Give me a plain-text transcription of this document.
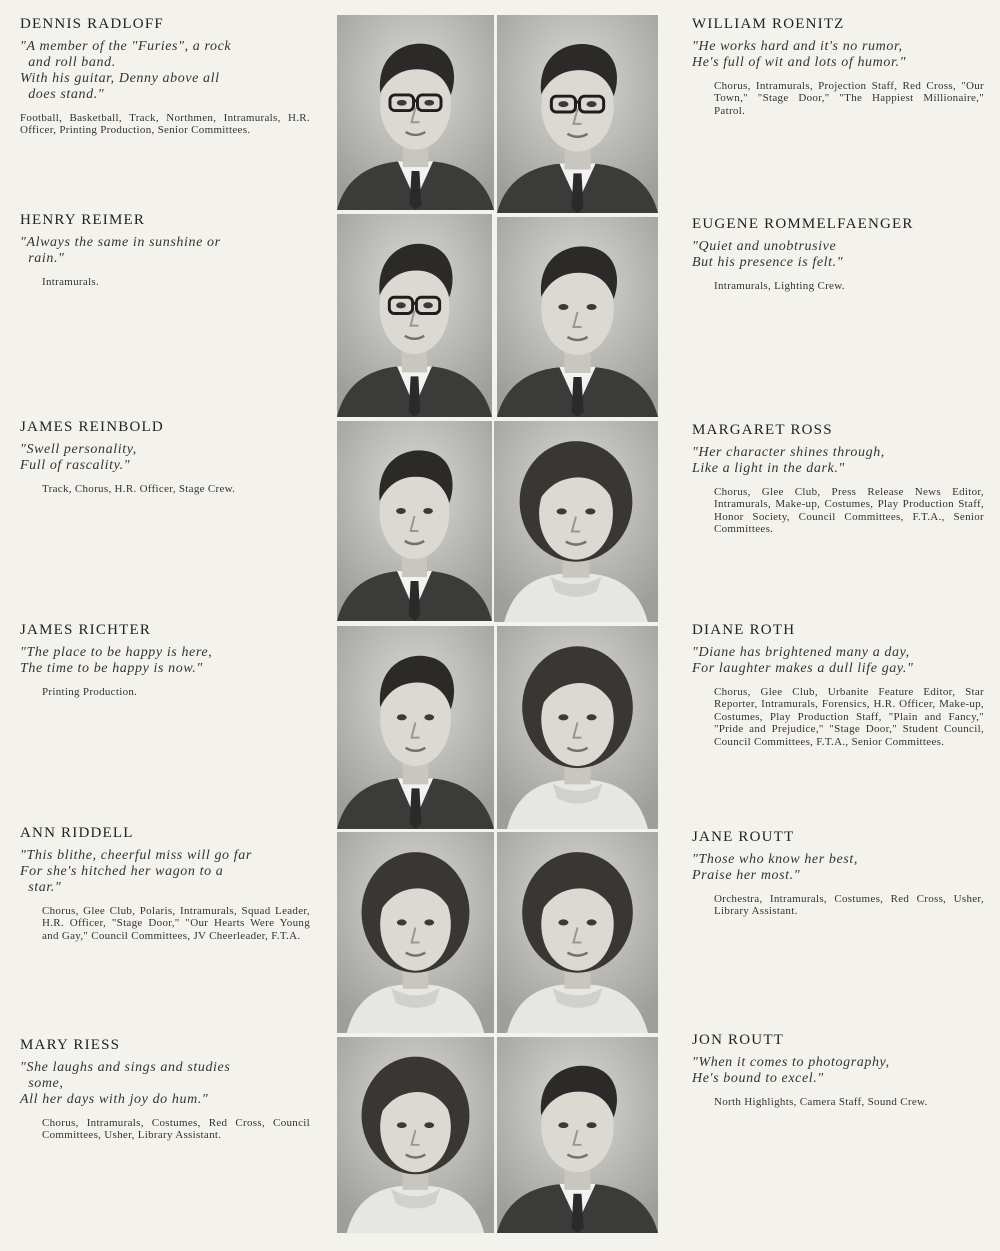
DENNIS RADLOFF
"A member of the "Furies", a rock
and roll band.
With his guitar, Denny above all
does stand."
Football, Basketball, Track, Northmen, Intramurals, H.R. Officer, Printing Production, Senior Committees.
HENRY REIMER
"Always the same in sunshine or
rain."
Intramurals.
JAMES REINBOLD
"Swell personality,
Full of rascality."
Track, Chorus, H.R. Officer, Stage Crew.
JAMES RICHTER
"The place to be happy is here,
The time to be happy is now."
Printing Production.
ANN RIDDELL
"This blithe, cheerful miss will go far
For she's hitched her wagon to a
star."
Chorus, Glee Club, Polaris, Intramurals, Squad Leader, H.R. Officer, "Stage Door," "Our Hearts Were Young and Gay," Council Committees, JV Cheerleader, F.T.A.
MARY RIESS
"She laughs and sings and studies
some,
All her days with joy do hum."
Chorus, Intramurals, Costumes, Red Cross, Council Committees, Usher, Library Assistant.
WILLIAM ROENITZ
"He works hard and it's no rumor,
He's full of wit and lots of humor."
Chorus, Intramurals, Projection Staff, Red Cross, "Our Town," "Stage Door," "The Happiest Millionaire," Patrol.
EUGENE ROMMELFAENGER
"Quiet and unobtrusive
But his presence is felt."
Intramurals, Lighting Crew.
MARGARET ROSS
"Her character shines through,
Like a light in the dark."
Chorus, Glee Club, Press Release News Editor, Intramurals, Make-up, Costumes, Play Production Staff, Honor Society, Council Committees, F.T.A., Senior Committees.
DIANE ROTH
"Diane has brightened many a day,
For laughter makes a dull life gay."
Chorus, Glee Club, Urbanite Feature Editor, Star Reporter, Intramurals, Forensics, H.R. Officer, Make-up, Costumes, Play Production Staff, "Plain and Fancy," "Pride and Prejudice," "Stage Door," Student Council, Council Committees, F.T.A., Senior Committees.
JANE ROUTT
"Those who know her best,
Praise her most."
Orchestra, Intramurals, Costumes, Red Cross, Usher, Library Assistant.
JON ROUTT
"When it comes to photography,
He's bound to excel."
North Highlights, Camera Staff, Sound Crew.
